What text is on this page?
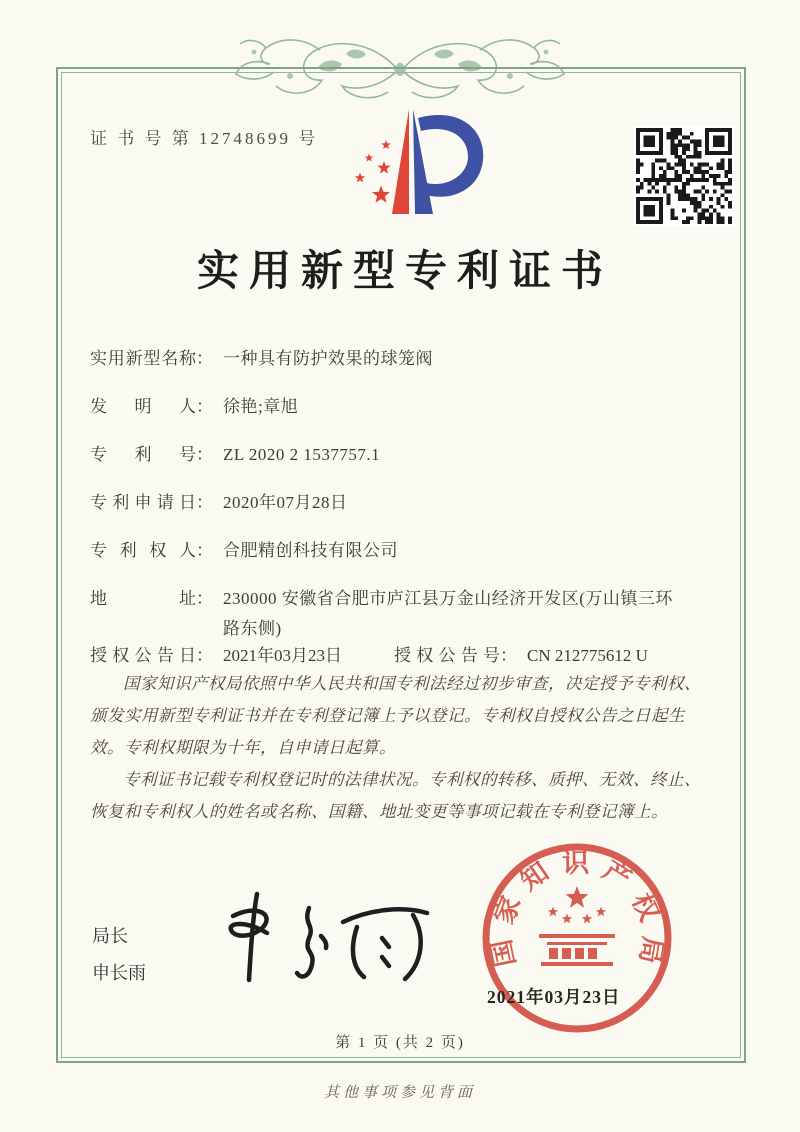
证 书 号 第 12748699 号
实用新型专利证书
实 用 新 型 名 称 ： 一种具有防护效果的球笼阀
发 明 人 ： 徐艳;章旭
专 利 号 ： ZL 2020 2 1537757.1
专 利 申 请 日 ： 2020年07月28日
专 利 权 人 ： 合肥精创科技有限公司
地	址 ： 230000 安徽省合肥市庐江县万金山经济开发区(万山镇三环路东侧)
授 权 公 告 日 ： 2021年03月23日	授 权 公 告 号 ： CN 212775612 U

国家知识产权局依照中华人民共和国专利法经过初步审查，决定授予专利权、颁发实用新型专利证书并在专利登记簿上予以登记。专利权自授权公告之日起生效。专利权期限为十年，自申请日起算。

专利证书记载专利权登记时的法律状况。专利权的转移、质押、无效、终止、恢复和专利权人的姓名或名称、国籍、地址变更等事项记载在专利登记簿上。

局长
申长雨
国家知识产权局
2021年03月23日
第 1 页 (共 2 页)
其他事项参见背面
